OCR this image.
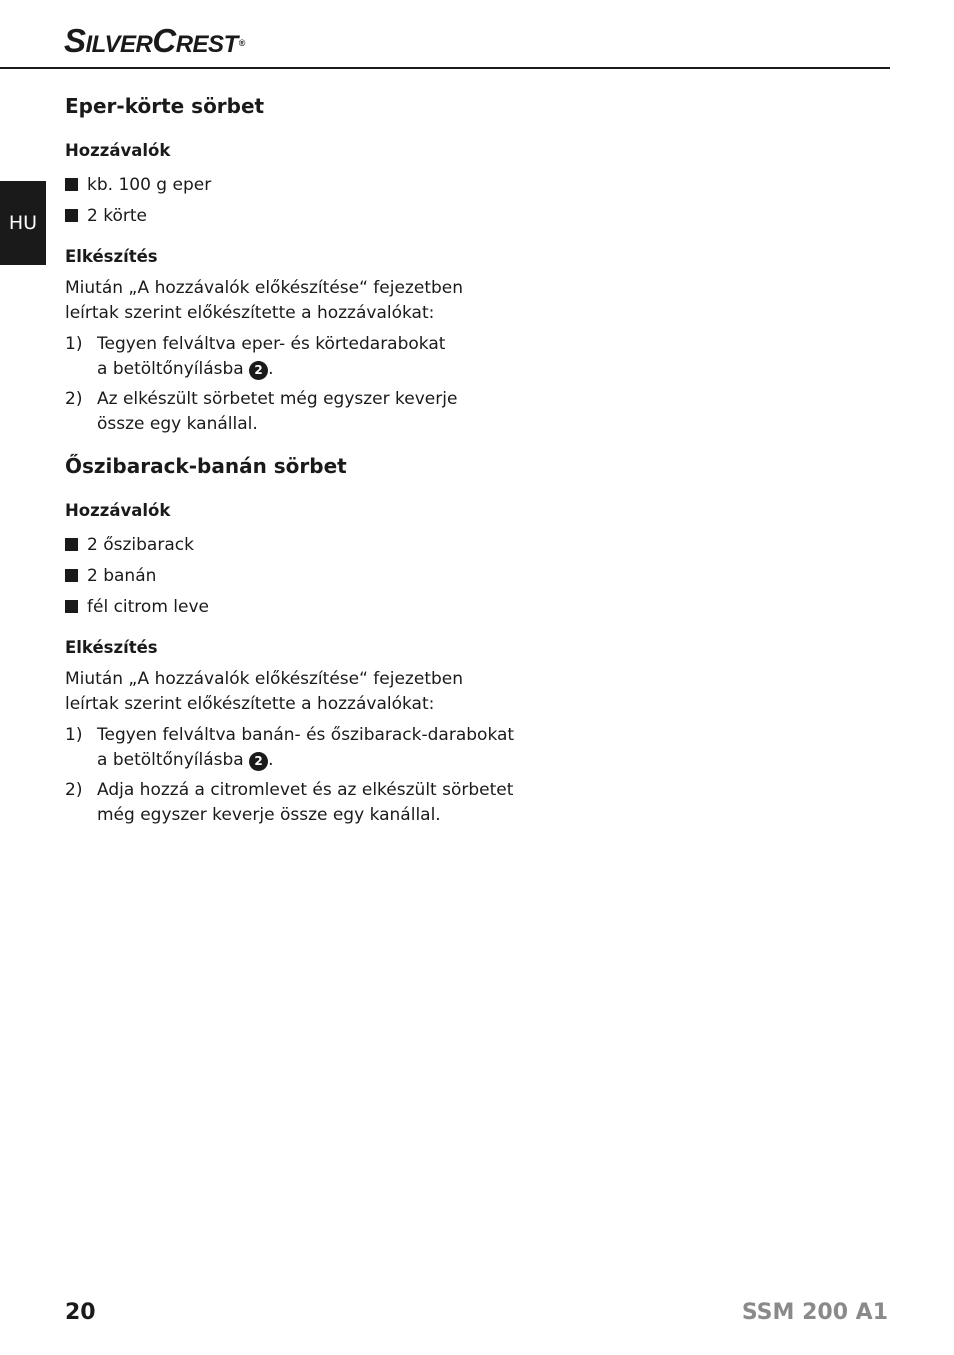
SILVERCREST®
HU
Eper-körte sörbet
Hozzávalók
kb. 100 g eper
2 körte
Elkészítés
Miután „A hozzávalók előkészítése“ fejezetben
leírtak szerint előkészítette a hozzávalókat:
1) Tegyen felváltva eper- és körtedarabokat
a betöltőnyílásba 2 .
2) Az elkészült sörbetet még egyszer keverje
össze egy kanállal.
Őszibarack-banán sörbet
Hozzávalók
2 őszibarack
2 banán
fél citrom leve
Elkészítés
Miután „A hozzávalók előkészítése“ fejezetben
leírtak szerint előkészítette a hozzávalókat:
1) Tegyen felváltva banán- és őszibarack-darabokat
a betöltőnyílásba 2 .
2) Adja hozzá a citromlevet és az elkészült sörbetet
még egyszer keverje össze egy kanállal.
20	SSM 200 A1
